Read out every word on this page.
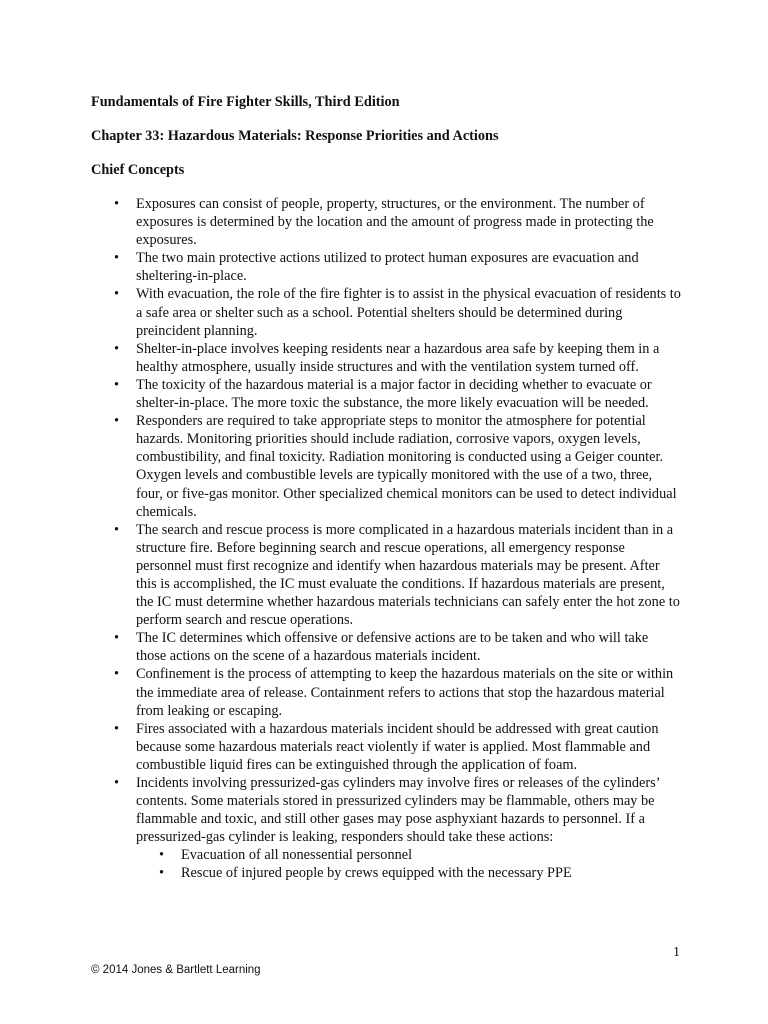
Fundamentals of Fire Fighter Skills, Third Edition

Chapter 33: Hazardous Materials: Response Priorities and Actions

Chief Concepts

• Exposures can consist of people, property, structures, or the environment. The number of exposures is determined by the location and the amount of progress made in protecting the exposures.
• The two main protective actions utilized to protect human exposures are evacuation and sheltering-in-place.
• With evacuation, the role of the fire fighter is to assist in the physical evacuation of residents to a safe area or shelter such as a school. Potential shelters should be determined during preincident planning.
• Shelter-in-place involves keeping residents near a hazardous area safe by keeping them in a healthy atmosphere, usually inside structures and with the ventilation system turned off.
• The toxicity of the hazardous material is a major factor in deciding whether to evacuate or shelter-in-place. The more toxic the substance, the more likely evacuation will be needed.
• Responders are required to take appropriate steps to monitor the atmosphere for potential hazards. Monitoring priorities should include radiation, corrosive vapors, oxygen levels, combustibility, and final toxicity. Radiation monitoring is conducted using a Geiger counter. Oxygen levels and combustible levels are typically monitored with the use of a two, three, four, or five-gas monitor. Other specialized chemical monitors can be used to detect individual chemicals.
• The search and rescue process is more complicated in a hazardous materials incident than in a structure fire. Before beginning search and rescue operations, all emergency response personnel must first recognize and identify when hazardous materials may be present. After this is accomplished, the IC must evaluate the conditions. If hazardous materials are present, the IC must determine whether hazardous materials technicians can safely enter the hot zone to perform search and rescue operations.
• The IC determines which offensive or defensive actions are to be taken and who will take those actions on the scene of a hazardous materials incident.
• Confinement is the process of attempting to keep the hazardous materials on the site or within the immediate area of release. Containment refers to actions that stop the hazardous material from leaking or escaping.
• Fires associated with a hazardous materials incident should be addressed with great caution because some hazardous materials react violently if water is applied. Most flammable and combustible liquid fires can be extinguished through the application of foam.
• Incidents involving pressurized-gas cylinders may involve fires or releases of the cylinders’ contents. Some materials stored in pressurized cylinders may be flammable, others may be flammable and toxic, and still other gases may pose asphyxiant hazards to personnel. If a pressurized-gas cylinder is leaking, responders should take these actions:
• Evacuation of all nonessential personnel
• Rescue of injured people by crews equipped with the necessary PPE
1
© 2014 Jones & Bartlett Learning
